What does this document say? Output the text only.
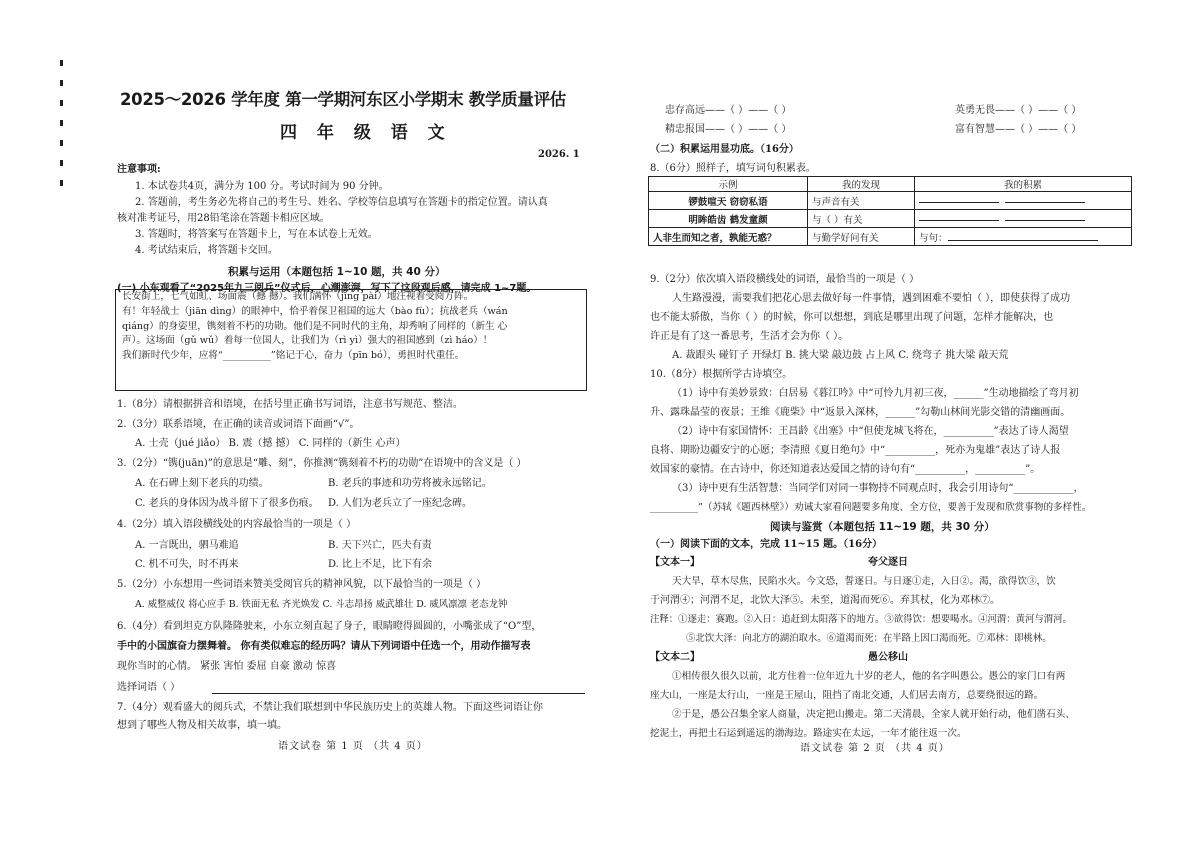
2025～2026 学年度 第一学期河东区小学期末 教学质量评估
四 年 级 语 文
2026. 1
注意事项:
1. 本试卷共4页，满分为 100 分。考试时间为 90 分钟。
2. 答题前，考生务必先将自己的考生号、姓名、学校等信息填写在答题卡的指定位置。请认真
核对准考证号，用28铅笔涂在答题卡相应区域。
3. 答题时，将答案写在答题卡上，写在本试卷上无效。
4. 考试结束后，将答题卡交回。
积累与运用（本题包括 1~10 题，共 40 分）
(一) 小东观看了“2025年九三阅兵”仪式后，心潮澎湃，写下了这段观后感，请完成 1~7题。
长安街上，七气如虹、场面震（撼 撼）。我们满怀（jīng pài）地注视着受阅方阵。
有！年轻战士（jiān dìng）的眼神中，恰乎着保卫祖国的远大（bào fù）；抗战老兵（wán
qiáng）的身姿里，镌刻着不朽的功勋。他们是不同时代的主角，却秀响了同样的（新生 心
声）。这场面（gǔ wǔ）着每一位国人，让我们为（rì yì）强大的祖国感到（zì háo）！
我们新时代少年，应将“__________”铭记于心，奋力（pīn bó），勇担时代重任。
1.（8分）请根据拼音和语境，在括号里正确书写词语，注意书写规范、整洁。
2.（3分）联系语境，在正确的读音或词语下面画“√”。
A. 士壳（jué jiǎo） B. 震（撼 撼） C. 同样的（新生 心声）
3.（2分）“镌(juān)”的意思是“雕、刻”，你推测“镌刻着不朽的功勋”在语境中的含义是（ ）
A. 在石碑上刻下老兵的功绩。	B. 老兵的事迹和功劳将被永远铭记。
C. 老兵的身体因为战斗留下了很多伤痕。 D. 人们为老兵立了一座纪念碑。
4.（2分）填入语段横线处的内容最恰当的一项是（ ）
A. 一言既出，驷马难追	B. 天下兴亡，匹夫有责
C. 机不可失，时不再来	D. 比上不足，比下有余
5.（2分）小东想用一些词语来赞美受阅官兵的精神风貌，以下最恰当的一项是（ ）
A. 威整威仪 将心应手 B. 铁面无私 齐光焕发 C. 斗志昂扬 威武雄壮 D. 威风凛凛 老态龙钟
6.（4分）看到坦克方队隆隆驶来，小东立刻直起了身子，眼睛瞪得圆圆的，小嘴张成了“O”型，
手中的小国旗奋力摆舞着。 你有类似难忘的经历吗？请从下列词语中任选一个，用动作描写表
现你当时的心情。 紧张 害怕 委屈 自豪 激动 惊喜
选择词语（ ）
7.（4分）观看盛大的阅兵式，不禁让我们联想到中华民族历史上的英雄人物。下面这些词语让你
想到了哪些人物及相关故事，填一填。
语文试卷 第 1 页 （共 4 页）
忠存高远——（ ）——（ ）	英勇无畏——（ ）——（ ）
精忠报国——（ ）——（ ）	富有智慧——（ ）——（ ）
（二）积累运用显功底。（16分）
8.（6分）照样子，填写词句积累表。
示例	我的发现	我的积累
锣鼓喧天 窃窃私语	与声音有关	
明眸皓齿 鹤发童颜	与（ ）有关	
人非生而知之者，孰能无惑？	与勤学好问有关	与句：
9.（2分）依次填入语段横线处的词语，最恰当的一项是（ ）
人生路漫漫，需要我们把花心思去做好每一件事情，遇到困难不要怕（ ），即使获得了成功
也不能太骄傲，当你（ ）的时候，你可以想想，到底是哪里出现了问题，怎样才能解决，也
许正是有了这一番思考，生活才会为你（ ）。
A. 裁跟头 碰钉子 开绿灯 B. 挑大梁 敲边鼓 占上风 C. 绕弯子 挑大梁 敲天荒
10.（8分）根据所学古诗填空。
（1）诗中有美妙景致：白居易《暮江吟》中“可怜九月初三夜，______”生动地描绘了弯月初
升、露珠晶莹的夜景；王维《鹿柴》中“返景入深林，______”勾勒山林间光影交错的清幽画面。
（2）诗中有家国情怀：王昌龄《出塞》中“但使龙城飞将在，__________”表达了诗人渴望
良将、期盼边疆安宁的心愿；李清照《夏日绝句》中“__________，死亦为鬼雄”表达了诗人报
效国家的豪情。在古诗中，你还知道表达爱国之情的诗句有“__________，__________”。
（3）诗中更有生活智慧：当同学们对同一事物持不同观点时，我会引用诗句“____________，
__________”（苏轼《题西林壁》）劝诫大家看问题要多角度、全方位，要善于发现和欣赏事物的多样性。
阅读与鉴赏（本题包括 11~19 题，共 30 分）
（一）阅读下面的文本，完成 11~15 题。（16分）
【文本一】	夸父逐日
天大旱，草木尽焦，民陷水火。今文恐，誓逐日。与日逐①走，入日②。渴，欲得饮③，饮
于河渭④；河渭不足，北饮大泽⑤。未至，道渴而死⑥。弃其杖，化为邓林⑦。
注释：①逐走：赛跑。②入日：追赶到太阳落下的地方。③欲得饮：想要喝水。④河渭：黄河与渭河。
⑤北饮大泽：向北方的湖泊取水。⑥道渴而死：在半路上因口渴而死。⑦邓林：即桃林。
【文本二】	愚公移山
①相传很久很久以前，北方住着一位年近九十岁的老人，他的名字叫愚公。愚公的家门口有两
座大山，一座是太行山，一座是王屋山，阻挡了南北交通，人们居去南方，总要绕很远的路。
②于是，愚公召集全家人商量，决定把山搬走。第二天清晨，全家人就开始行动，他们凿石头、
挖泥土，再把土石运到遥远的渤海边。路途实在太远，一年才能往返一次。
语文试卷 第 2 页 （共 4 页）
